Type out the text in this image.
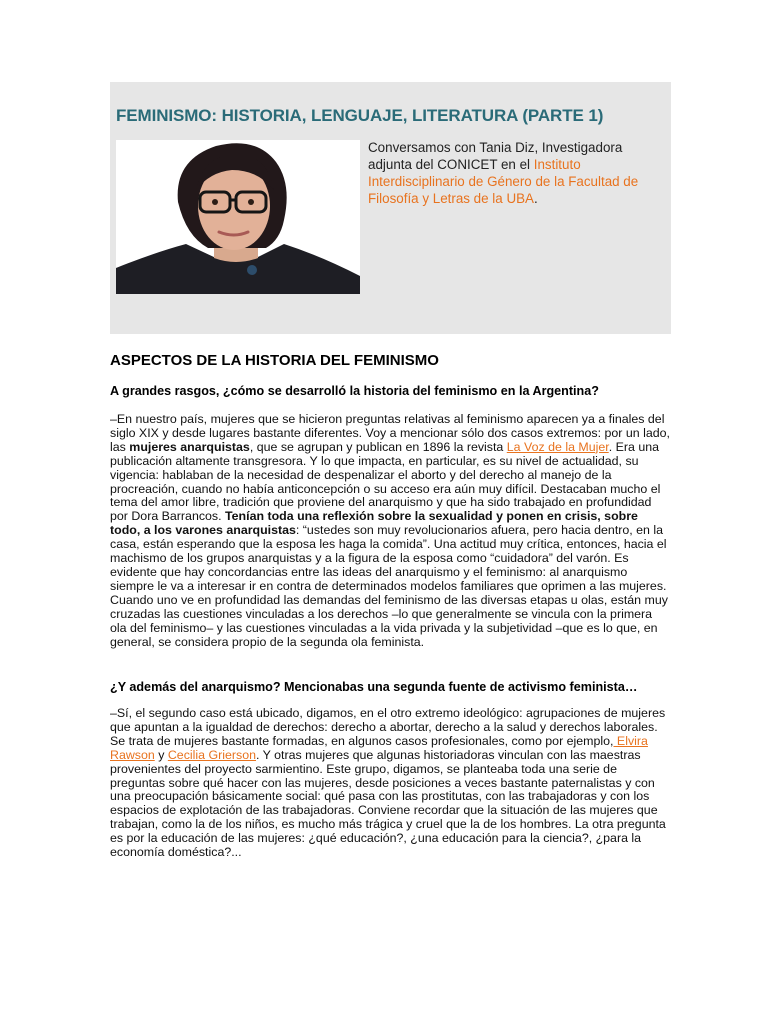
FEMINISMO: HISTORIA, LENGUAJE, LITERATURA (PARTE 1)
Conversamos con Tania Diz, Investigadora adjunta del CONICET en el Instituto Interdisciplinario de Género de la Facultad de Filosofía y Letras de la UBA.
ASPECTOS DE LA HISTORIA DEL FEMINISMO
A grandes rasgos, ¿cómo se desarrolló la historia del feminismo en la Argentina?
–En nuestro país, mujeres que se hicieron preguntas relativas al feminismo aparecen ya a finales del siglo XIX y desde lugares bastante diferentes. Voy a mencionar sólo dos casos extremos: por un lado, las mujeres anarquistas, que se agrupan y publican en 1896 la revista La Voz de la Mujer. Era una publicación altamente transgresora. Y lo que impacta, en particular, es su nivel de actualidad, su vigencia: hablaban de la necesidad de despenalizar el aborto y del derecho al manejo de la procreación, cuando no había anticoncepción o su acceso era aún muy difícil. Destacaban mucho el tema del amor libre, tradición que proviene del anarquismo y que ha sido trabajado en profundidad por Dora Barrancos. Tenían toda una reflexión sobre la sexualidad y ponen en crisis, sobre todo, a los varones anarquistas: “ustedes son muy revolucionarios afuera, pero hacia dentro, en la casa, están esperando que la esposa les haga la comida”. Una actitud muy crítica, entonces, hacia el machismo de los grupos anarquistas y a la figura de la esposa como “cuidadora” del varón. Es evidente que hay concordancias entre las ideas del anarquismo y el feminismo: al anarquismo siempre le va a interesar ir en contra de determinados modelos familiares que oprimen a las mujeres. Cuando uno ve en profundidad las demandas del feminismo de las diversas etapas u olas, están muy cruzadas las cuestiones vinculadas a los derechos –lo que generalmente se vincula con la primera ola del feminismo– y las cuestiones vinculadas a la vida privada y la subjetividad –que es lo que, en general, se considera propio de la segunda ola feminista.
¿Y además del anarquismo? Mencionabas una segunda fuente de activismo feminista…
–Sí, el segundo caso está ubicado, digamos, en el otro extremo ideológico: agrupaciones de mujeres que apuntan a la igualdad de derechos: derecho a abortar, derecho a la salud y derechos laborales. Se trata de mujeres bastante formadas, en algunos casos profesionales, como por ejemplo, Elvira Rawson y Cecilia Grierson. Y otras mujeres que algunas historiadoras vinculan con las maestras provenientes del proyecto sarmientino. Este grupo, digamos, se planteaba toda una serie de preguntas sobre qué hacer con las mujeres, desde posiciones a veces bastante paternalistas y con una preocupación básicamente social: qué pasa con las prostitutas, con las trabajadoras y con los espacios de explotación de las trabajadoras. Conviene recordar que la situación de las mujeres que trabajan, como la de los niños, es mucho más trágica y cruel que la de los hombres. La otra pregunta es por la educación de las mujeres: ¿qué educación?, ¿una educación para la ciencia?, ¿para la economía doméstica?...
